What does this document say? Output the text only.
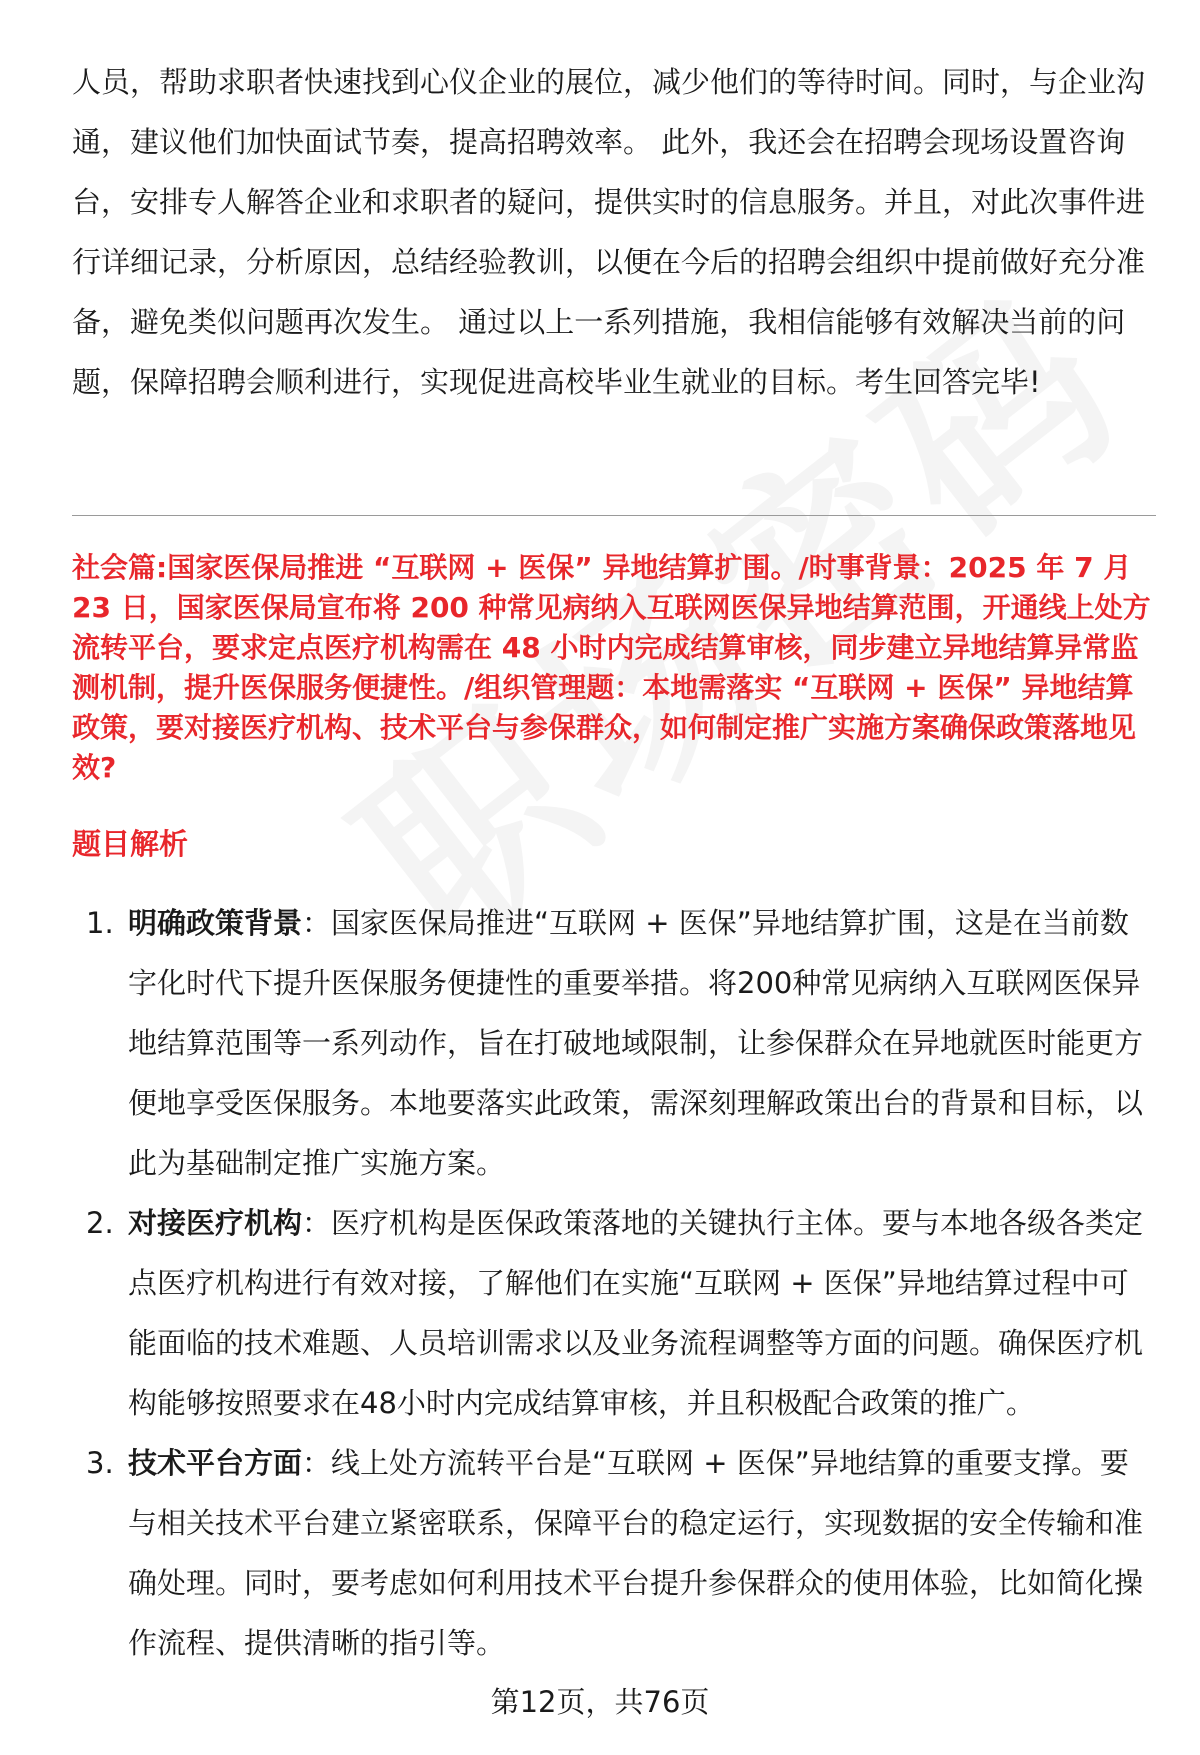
人员，帮助求职者快速找到心仪企业的展位，减少他们的等待时间。同时，与企业沟通，建议他们加快面试节奏，提高招聘效率。 此外，我还会在招聘会现场设置咨询台，安排专人解答企业和求职者的疑问，提供实时的信息服务。并且，对此次事件进行详细记录，分析原因，总结经验教训，以便在今后的招聘会组织中提前做好充分准备，避免类似问题再次发生。 通过以上一系列措施，我相信能够有效解决当前的问题，保障招聘会顺利进行，实现促进高校毕业生就业的目标。考生回答完毕!

社会篇:国家医保局推进 “互联网 + 医保” 异地结算扩围。/时事背景：2025 年 7 月 23 日，国家医保局宣布将 200 种常见病纳入互联网医保异地结算范围，开通线上处方流转平台，要求定点医疗机构需在 48 小时内完成结算审核，同步建立异地结算异常监测机制，提升医保服务便捷性。/组织管理题：本地需落实 “互联网 + 医保” 异地结算政策，要对接医疗机构、技术平台与参保群众，如何制定推广实施方案确保政策落地见效?

题目解析

1. 明确政策背景：国家医保局推进“互联网 + 医保”异地结算扩围，这是在当前数字化时代下提升医保服务便捷性的重要举措。将200种常见病纳入互联网医保异地结算范围等一系列动作，旨在打破地域限制，让参保群众在异地就医时能更方便地享受医保服务。本地要落实此政策，需深刻理解政策出台的背景和目标，以此为基础制定推广实施方案。
2. 对接医疗机构：医疗机构是医保政策落地的关键执行主体。要与本地各级各类定点医疗机构进行有效对接，了解他们在实施“互联网 + 医保”异地结算过程中可能面临的技术难题、人员培训需求以及业务流程调整等方面的问题。确保医疗机构能够按照要求在48小时内完成结算审核，并且积极配合政策的推广。
3. 技术平台方面：线上处方流转平台是“互联网 + 医保”异地结算的重要支撑。要与相关技术平台建立紧密联系，保障平台的稳定运行，实现数据的安全传输和准确处理。同时，要考虑如何利用技术平台提升参保群众的使用体验，比如简化操作流程、提供清晰的指引等。
第12页，共76页
